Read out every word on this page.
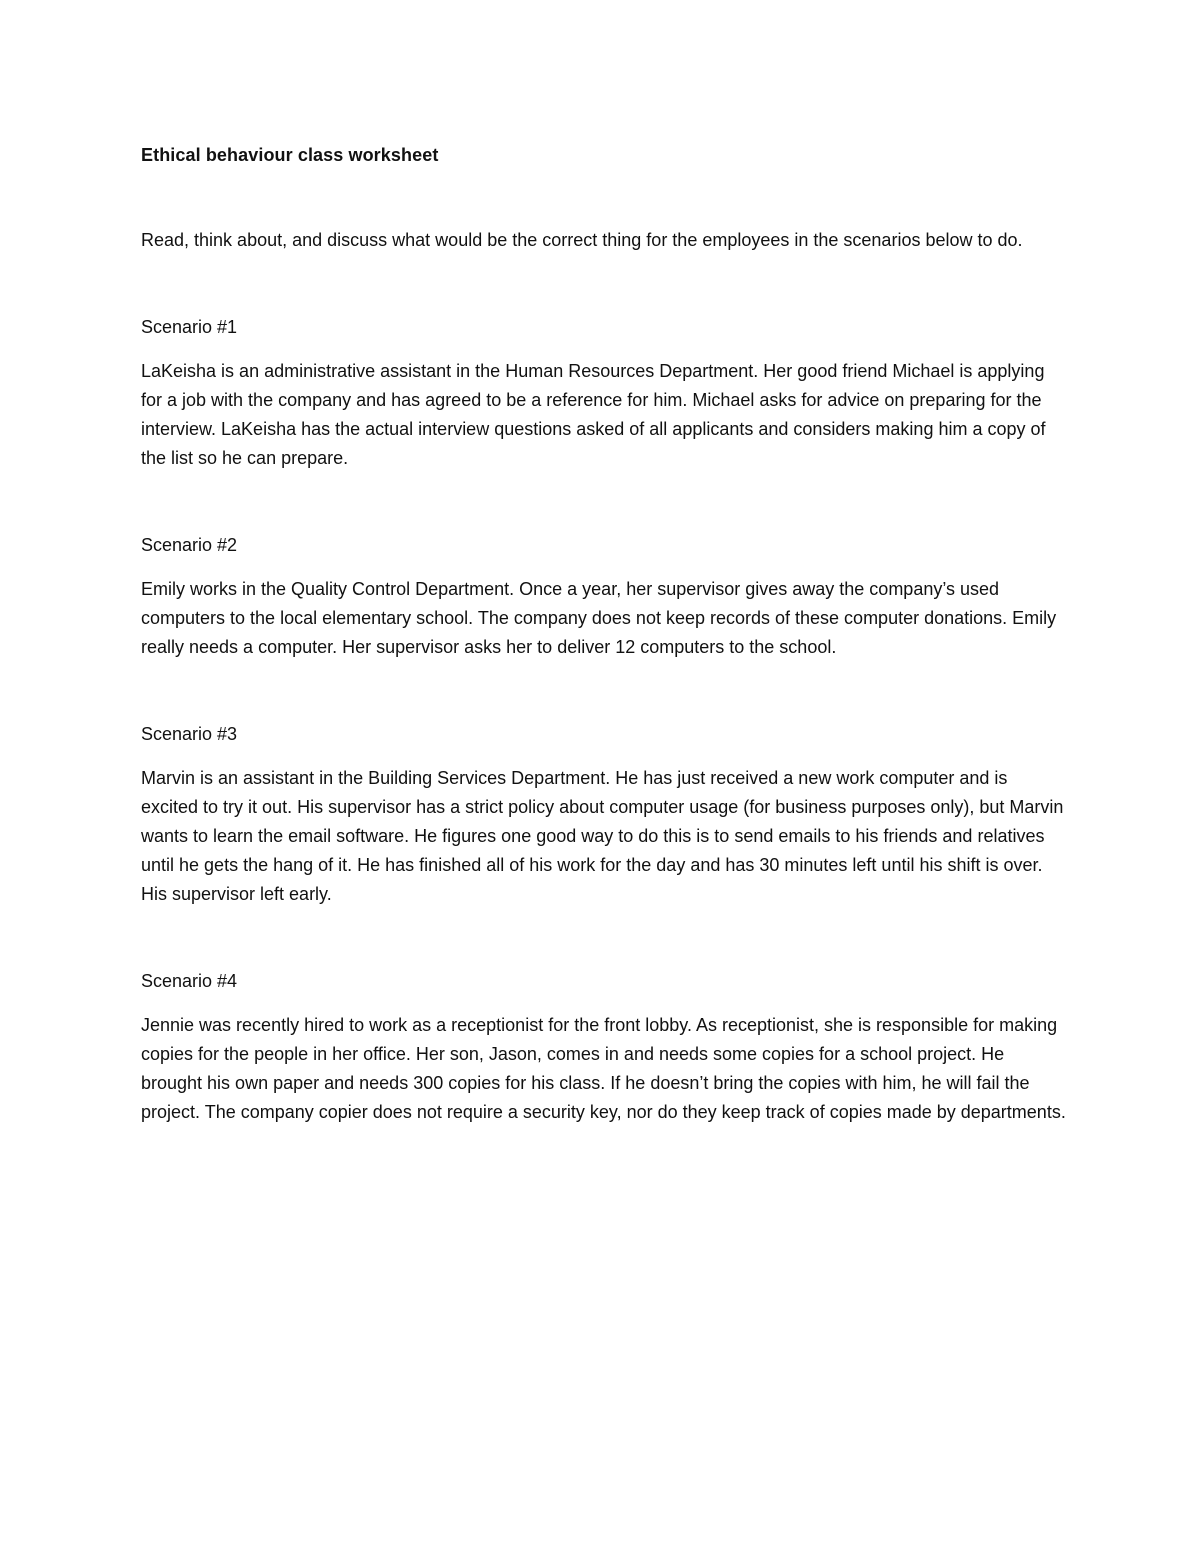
Ethical behaviour class worksheet

Read, think about, and discuss what would be the correct thing for the employees in the scenarios below to do.

Scenario #1

LaKeisha is an administrative assistant in the Human Resources Department. Her good friend Michael is applying for a job with the company and has agreed to be a reference for him. Michael asks for advice on preparing for the interview. LaKeisha has the actual interview questions asked of all applicants and considers making him a copy of the list so he can prepare.

Scenario #2

Emily works in the Quality Control Department. Once a year, her supervisor gives away the company’s used computers to the local elementary school. The company does not keep records of these computer donations. Emily really needs a computer. Her supervisor asks her to deliver 12 computers to the school.

Scenario #3

Marvin is an assistant in the Building Services Department. He has just received a new work computer and is excited to try it out. His supervisor has a strict policy about computer usage (for business purposes only), but Marvin wants to learn the email software. He figures one good way to do this is to send emails to his friends and relatives until he gets the hang of it. He has finished all of his work for the day and has 30 minutes left until his shift is over. His supervisor left early.

Scenario #4

Jennie was recently hired to work as a receptionist for the front lobby. As receptionist, she is responsible for making copies for the people in her office. Her son, Jason, comes in and needs some copies for a school project. He brought his own paper and needs 300 copies for his class. If he doesn’t bring the copies with him, he will fail the project. The company copier does not require a security key, nor do they keep track of copies made by departments.
